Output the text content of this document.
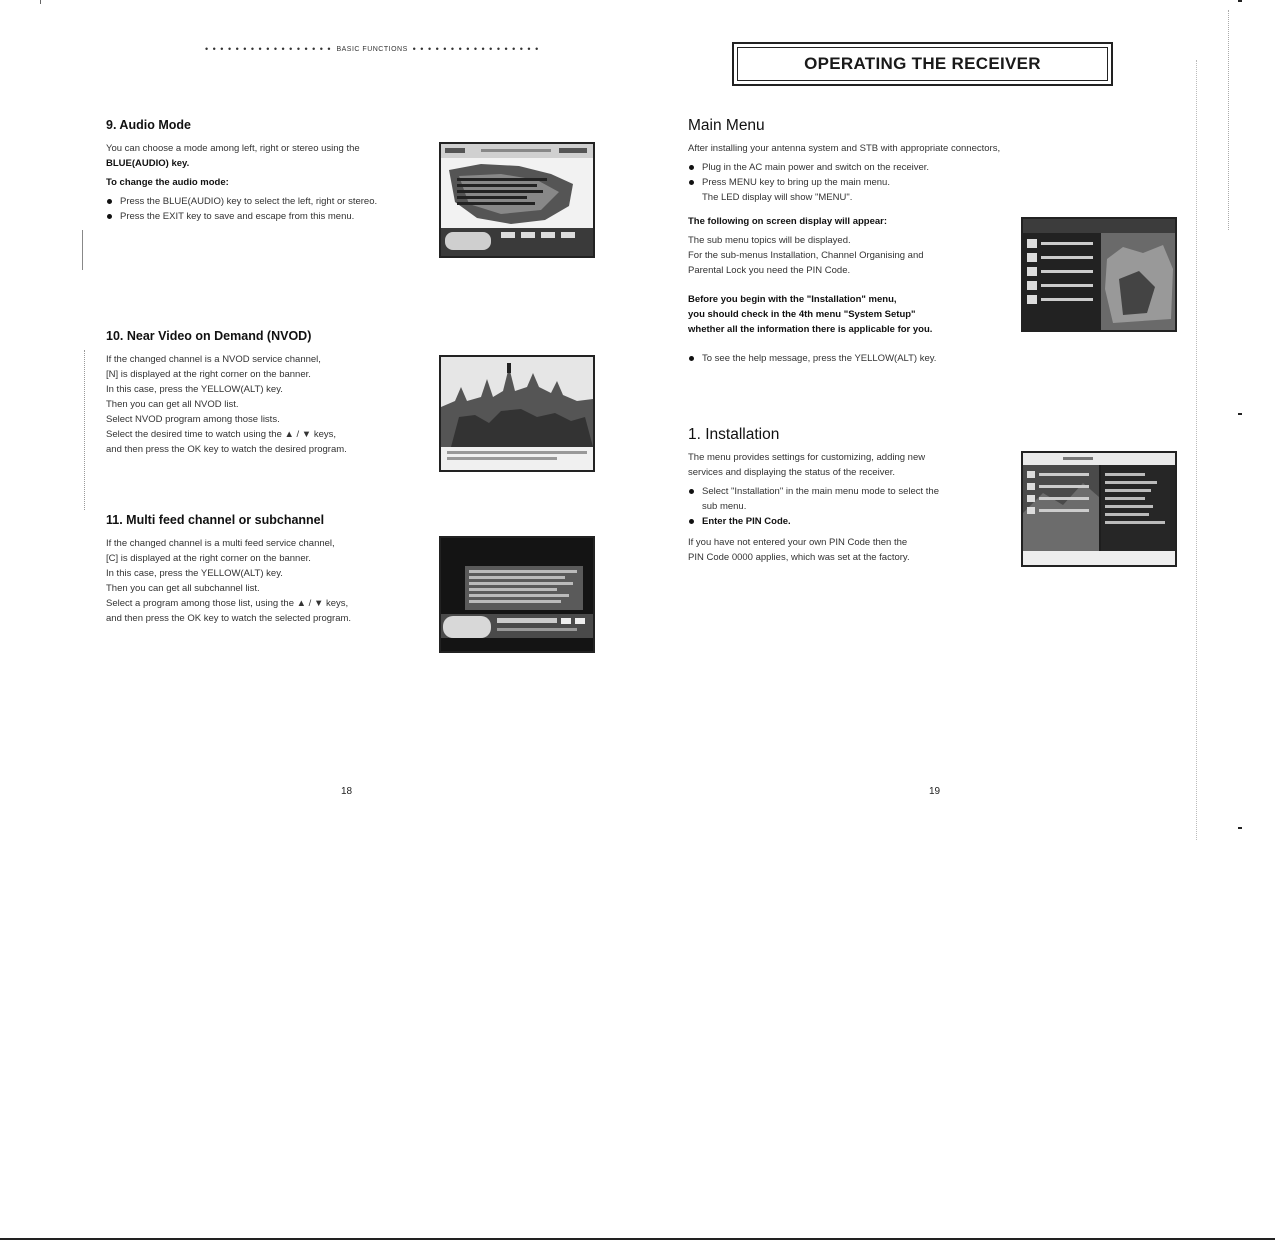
• • • • • • • • • • • • • • • • • BASIC FUNCTIONS • • • • • • • • • • • • • • • • •
OPERATING THE RECEIVER
9. Audio Mode

You can choose a mode among left, right or stereo using the

BLUE(AUDIO) key.

To change the audio mode:

Press the BLUE(AUDIO) key to select the left, right or stereo.

Press the EXIT key to save and escape from this menu.

10. Near Video on Demand (NVOD)

If the changed channel is a NVOD service channel,

[N] is displayed at the right corner on the banner.

In this case, press the YELLOW(ALT) key.

Then you can get all NVOD list.

Select NVOD program among those lists.

Select the desired time to watch using the ▲ / ▼ keys,

and then press the OK key to watch the desired program.

11. Multi feed channel or subchannel

If the changed channel is a multi feed service channel,

[C] is displayed at the right corner on the banner.

In this case, press the YELLOW(ALT) key.

Then you can get all subchannel list.

Select a program among those list, using the ▲ / ▼ keys,

and then press the OK key to watch the selected program.

18
Main Menu

After installing your antenna system and STB with appropriate connectors,

Plug in the AC main power and switch on the receiver.

Press MENU key to bring up the main menu.

The LED display will show "MENU".

The following on screen display will appear:

The sub menu topics will be displayed.

For the sub-menus Installation, Channel Organising and

Parental Lock you need the PIN Code.

Before you begin with the "Installation" menu,

you should check in the 4th menu "System Setup"

whether all the information there is applicable for you.

To see the help message, press the YELLOW(ALT) key.

1. Installation

The menu provides settings for customizing, adding new

services and displaying the status of the receiver.

Select "Installation" in the main menu mode to select the

sub menu.

Enter the PIN Code.

If you have not entered your own PIN Code then the

PIN Code 0000 applies, which was set at the factory.

19
